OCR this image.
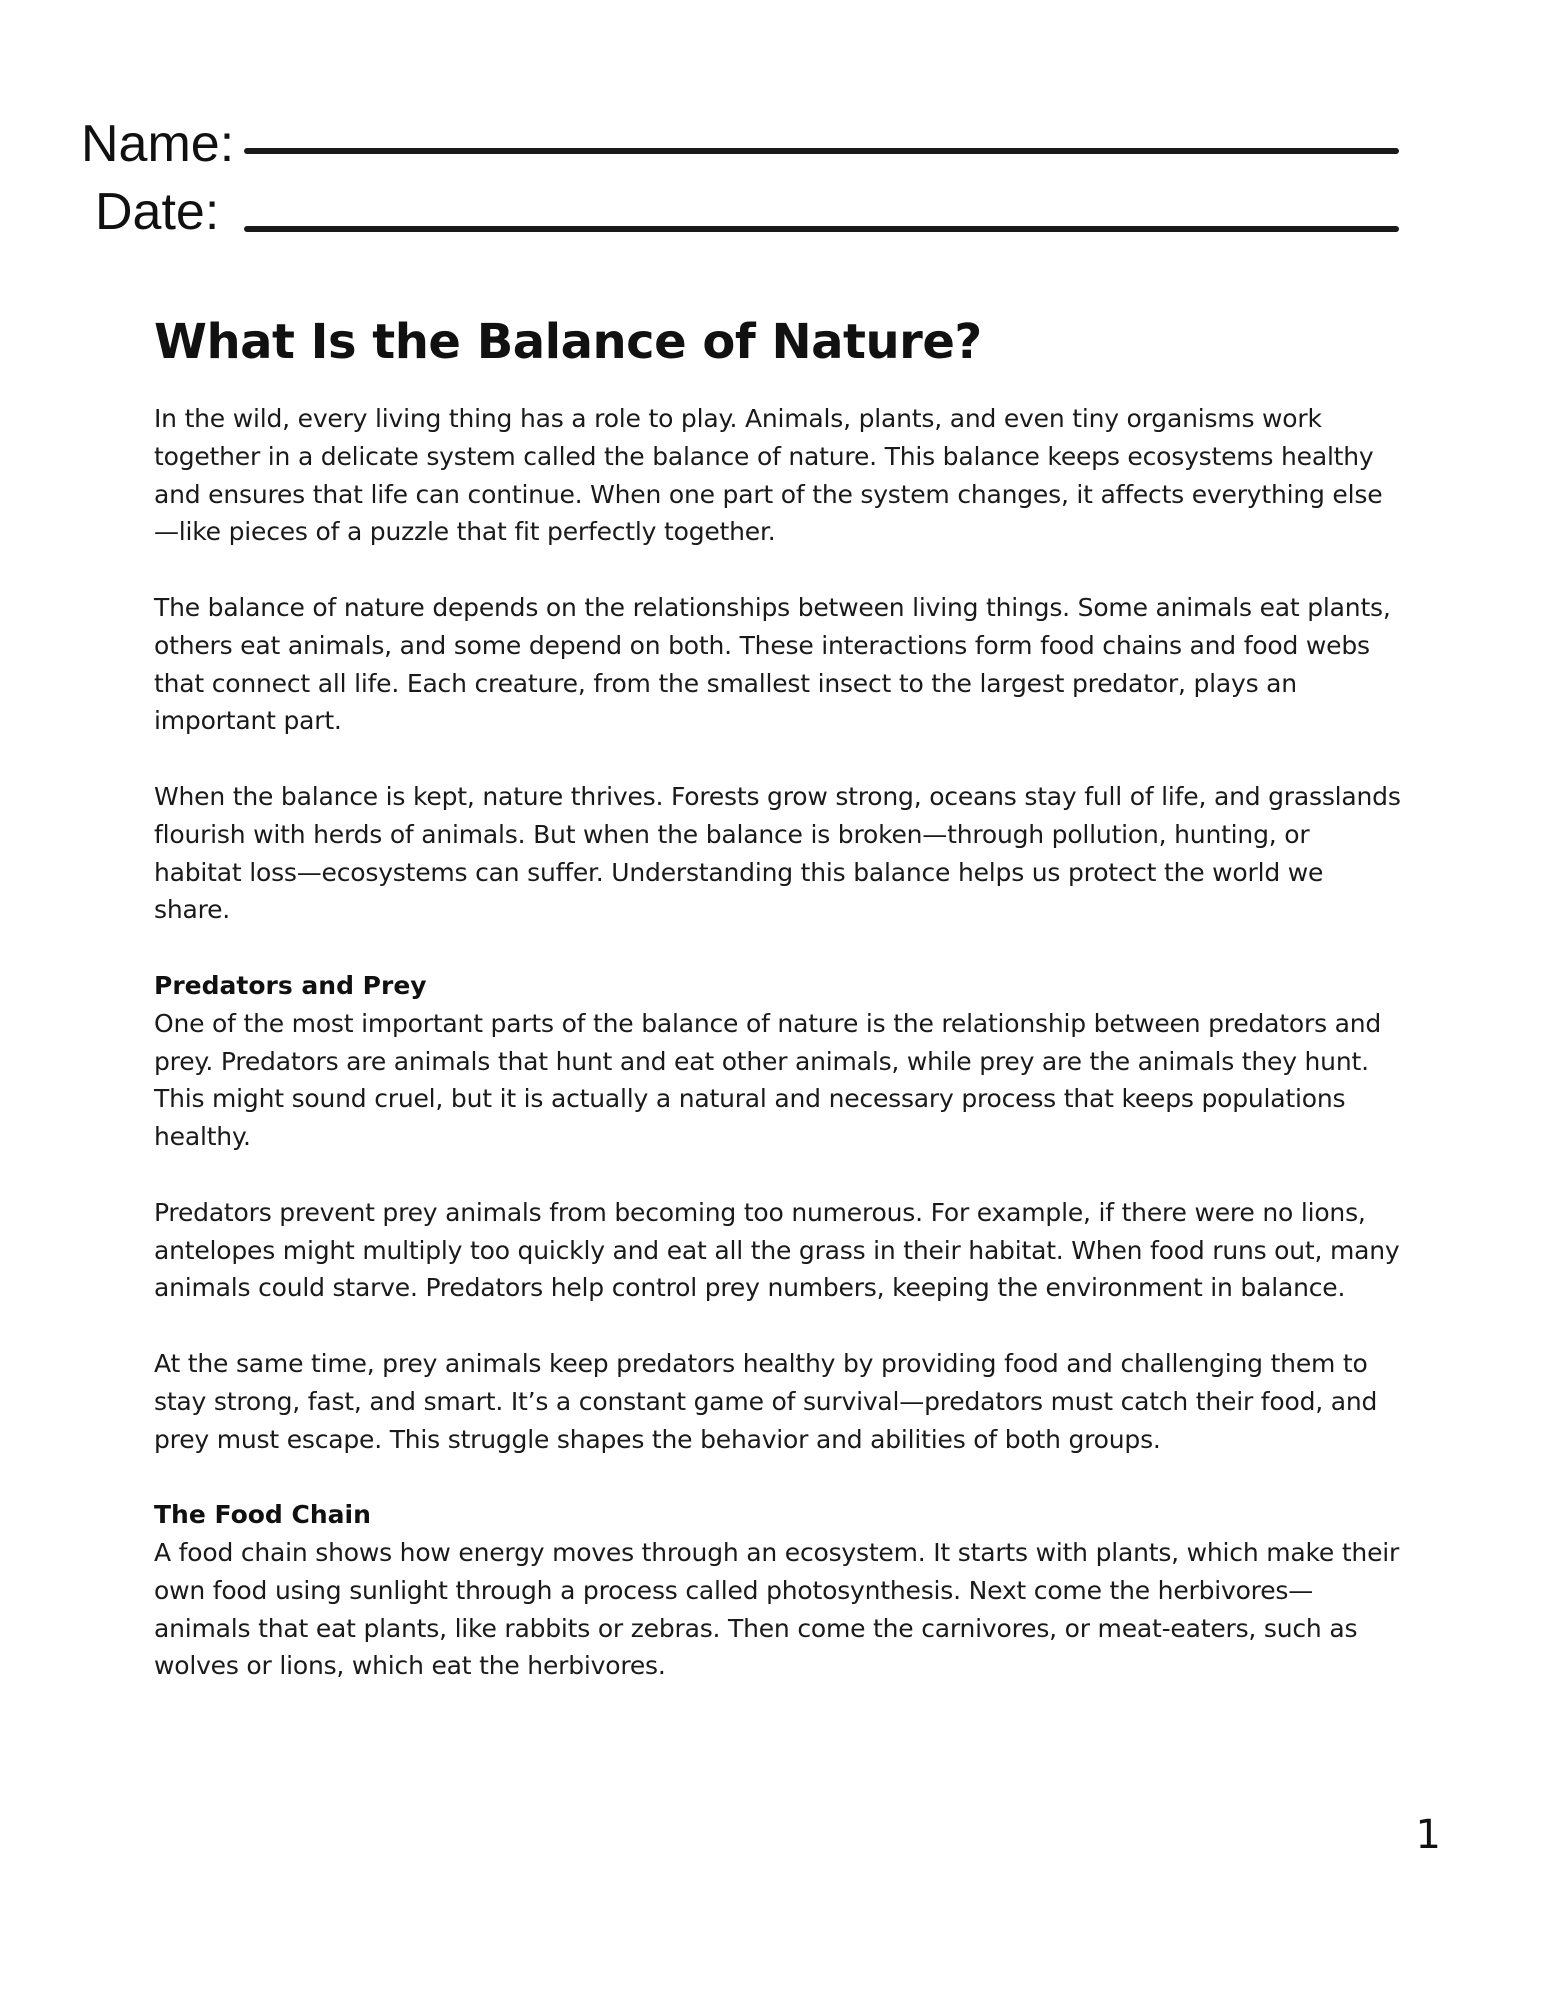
Name:
Date:
What Is the Balance of Nature?

In the wild, every living thing has a role to play. Animals, plants, and even tiny organisms work together in a delicate system called the balance of nature. This balance keeps ecosystems healthy and ensures that life can continue. When one part of the system changes, it affects everything else—like pieces of a puzzle that fit perfectly together.

The balance of nature depends on the relationships between living things. Some animals eat plants, others eat animals, and some depend on both. These interactions form food chains and food webs that connect all life. Each creature, from the smallest insect to the largest predator, plays an important part.

When the balance is kept, nature thrives. Forests grow strong, oceans stay full of life, and grasslands flourish with herds of animals. But when the balance is broken—through pollution, hunting, or habitat loss—ecosystems can suffer. Understanding this balance helps us protect the world we share.

Predators and Prey

One of the most important parts of the balance of nature is the relationship between predators and prey. Predators are animals that hunt and eat other animals, while prey are the animals they hunt. This might sound cruel, but it is actually a natural and necessary process that keeps populations healthy.

Predators prevent prey animals from becoming too numerous. For example, if there were no lions, antelopes might multiply too quickly and eat all the grass in their habitat. When food runs out, many animals could starve. Predators help control prey numbers, keeping the environment in balance.

At the same time, prey animals keep predators healthy by providing food and challenging them to stay strong, fast, and smart. It’s a constant game of survival—predators must catch their food, and prey must escape. This struggle shapes the behavior and abilities of both groups.

The Food Chain

A food chain shows how energy moves through an ecosystem. It starts with plants, which make their own food using sunlight through a process called photosynthesis. Next come the herbivores—animals that eat plants, like rabbits or zebras. Then come the carnivores, or meat-eaters, such as wolves or lions, which eat the herbivores.

1
